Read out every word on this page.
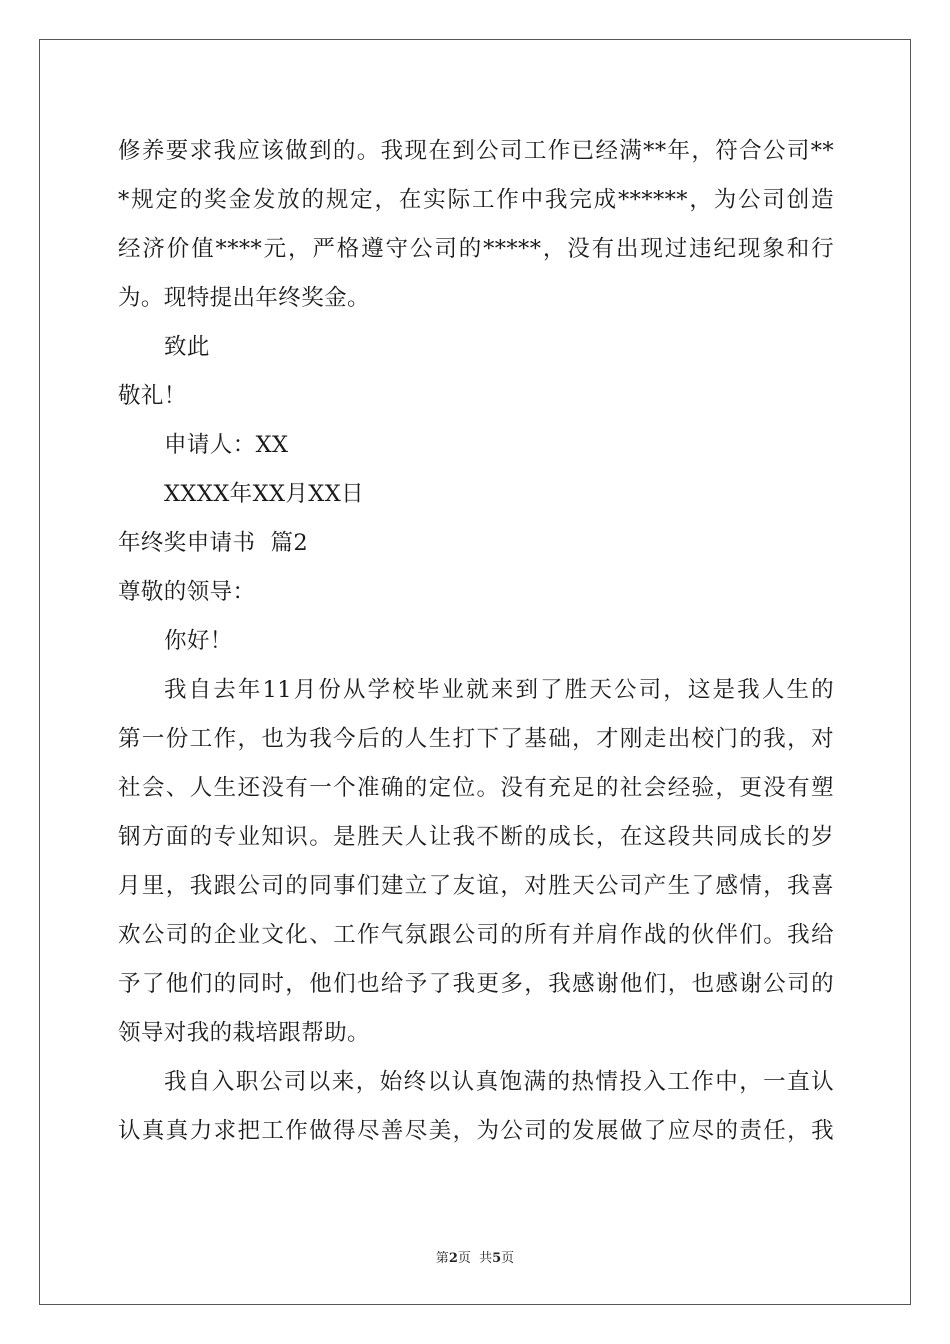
修养要求我应该做到的。我现在到公司工作已经满**年，符合公司**
*规定的奖金发放的规定，在实际工作中我完成******，为公司创造
经济价值****元，严格遵守公司的*****，没有出现过违纪现象和行
为。现特提出年终奖金。
致此
敬礼！
申请人：XX
XXXX年XX月XX日
年终奖申请书  篇2
尊敬的领导：
你好！
我自去年11月份从学校毕业就来到了胜天公司，这是我人生的
第一份工作，也为我今后的人生打下了基础，才刚走出校门的我，对
社会、人生还没有一个准确的定位。没有充足的社会经验，更没有塑
钢方面的专业知识。是胜天人让我不断的成长，在这段共同成长的岁
月里，我跟公司的同事们建立了友谊，对胜天公司产生了感情，我喜
欢公司的企业文化、工作气氛跟公司的所有并肩作战的伙伴们。我给
予了他们的同时，他们也给予了我更多，我感谢他们，也感谢公司的
领导对我的栽培跟帮助。
我自入职公司以来，始终以认真饱满的热情投入工作中，一直认
认真真力求把工作做得尽善尽美，为公司的发展做了应尽的责任，我
第2页  共5页
